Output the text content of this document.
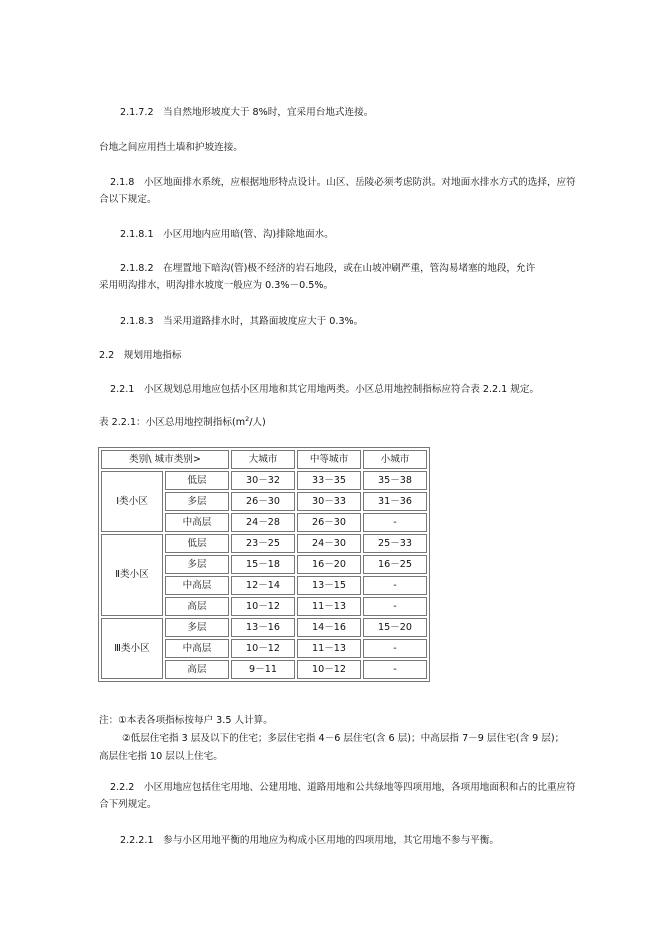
2.1.7.2　当自然地形坡度大于 8%时，宜采用台地式连接。
台地之间应用挡土墙和护坡连接。
2.1.8　小区地面排水系统，应根据地形特点设计。山区、岳陵必须考虑防洪。对地面水排水方式的选择，应符合以下规定。
2.1.8.1　小区用地内应用暗(管、沟)排除地面水。
2.1.8.2　在埋置地下暗沟(管)极不经济的岩石地段，或在山坡冲刷严重，管沟易堵塞的地段，允许
采用明沟排水，明沟排水坡度一般应为 0.3%－0.5%。
2.1.8.3　当采用道路排水时，其路面坡度应大于 0.3%。
2.2　规划用地指标
2.2.1　小区规划总用地应包括小区用地和其它用地两类。小区总用地控制指标应符合表 2.2.1 规定。
表 2.2.1：小区总用地控制指标($m^2/$人)
类别\ 城市类别>		大城市	中等城市	小城市
Ⅰ类小区	低层	30－32	33－35	35－38
	多层	26－30	30－33	31－36
	中高层	24－28	26－30	-
Ⅱ类小区	低层	23－25	24－30	25－33
	多层	15－18	16－20	16－25
	中高层	12－14	13－15	-
	高层	10－12	11－13	-
Ⅲ类小区	多层	13－16	14－16	15－20
	中高层	10－12	11－13	-
	高层	9－11	10－12	-
注：①本表各项指标按每户 3.5 人计算。
②低层住宅指 3 层及以下的住宅；多层住宅指 4－6 层住宅(含 6 层)；中高层指 7－9 层住宅(含 9 层)；
高层住宅指 10 层以上住宅。
2.2.2　小区用地应包括住宅用地、公建用地、道路用地和公共绿地等四项用地，各项用地面积和占的比重应符合下列规定。
2.2.2.1　参与小区用地平衡的用地应为构成小区用地的四项用地，其它用地不参与平衡。
